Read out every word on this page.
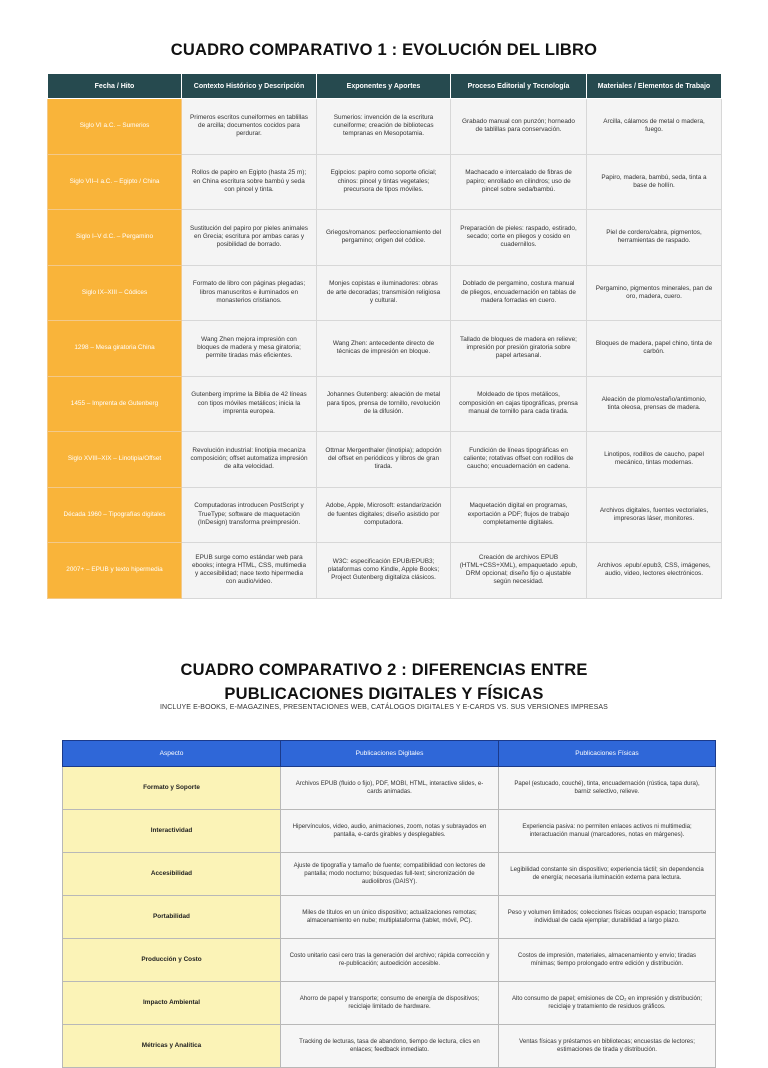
CUADRO COMPARATIVO 1 : EVOLUCIÓN DEL LIBRO
Fecha / Hito	Contexto Histórico y Descripción	Exponentes y Aportes	Proceso Editorial y Tecnología	Materiales / Elementos de Trabajo
Siglo VI a.C. – Sumerios	Primeros escritos cuneiformes en tablillas de arcilla; documentos cocidos para perdurar.	Sumerios: invención de la escritura cuneiforme; creación de bibliotecas tempranas en Mesopotamia.	Grabado manual con punzón; horneado de tablillas para conservación.	Arcilla, cálamos de metal o madera, fuego.
Siglo VII–I a.C. – Egipto / China	Rollos de papiro en Egipto (hasta 25 m); en China escritura sobre bambú y seda con pincel y tinta.	Egipcios: papiro como soporte oficial; chinos: pincel y tintas vegetales; precursora de tipos móviles.	Machacado e intercalado de fibras de papiro; enrollado en cilindros; uso de pincel sobre seda/bambú.	Papiro, madera, bambú, seda, tinta a base de hollín.
Siglo I–V d.C. – Pergamino	Sustitución del papiro por pieles animales en Grecia; escritura por ambas caras y posibilidad de borrado.	Griegos/romanos: perfeccionamiento del pergamino; origen del códice.	Preparación de pieles: raspado, estirado, secado; corte en pliegos y cosido en cuadernillos.	Piel de cordero/cabra, pigmentos, herramientas de raspado.
Siglo IX–XIII – Códices	Formato de libro con páginas plegadas; libros manuscritos e iluminados en monasterios cristianos.	Monjes copistas e iluminadores: obras de arte decoradas; transmisión religiosa y cultural.	Doblado de pergamino, costura manual de pliegos, encuadernación en tablas de madera forradas en cuero.	Pergamino, pigmentos minerales, pan de oro, madera, cuero.
1298 – Mesa giratoria China	Wang Zhen mejora impresión con bloques de madera y mesa giratoria; permite tiradas más eficientes.	Wang Zhen: antecedente directo de técnicas de impresión en bloque.	Tallado de bloques de madera en relieve; impresión por presión giratoria sobre papel artesanal.	Bloques de madera, papel chino, tinta de carbón.
1455 – Imprenta de Gutenberg	Gutenberg imprime la Biblia de 42 líneas con tipos móviles metálicos; inicia la imprenta europea.	Johannes Gutenberg: aleación de metal para tipos, prensa de tornillo, revolución de la difusión.	Moldeado de tipos metálicos, composición en cajas tipográficas, prensa manual de tornillo para cada tirada.	Aleación de plomo/estaño/antimonio, tinta oleosa, prensas de madera.
Siglo XVIII–XIX – Linotipia/Offset	Revolución industrial: linotipia mecaniza composición; offset automatiza impresión de alta velocidad.	Ottmar Mergenthaler (linotipia); adopción del offset en periódicos y libros de gran tirada.	Fundición de líneas tipográficas en caliente; rotativas offset con rodillos de caucho; encuadernación en cadena.	Linotipos, rodillos de caucho, papel mecánico, tintas modernas.
Década 1960 – Tipografías digitales	Computadoras introducen PostScript y TrueType; software de maquetación (InDesign) transforma preimpresión.	Adobe, Apple, Microsoft: estandarización de fuentes digitales; diseño asistido por computadora.	Maquetación digital en programas, exportación a PDF; flujos de trabajo completamente digitales.	Archivos digitales, fuentes vectoriales, impresoras láser, monitores.
2007+ – EPUB y texto hipermedia	EPUB surge como estándar web para ebooks; integra HTML, CSS, multimedia y accesibilidad; nace texto hipermedia con audio/video.	W3C: especificación EPUB/EPUB3; plataformas como Kindle, Apple Books; Project Gutenberg digitaliza clásicos.	Creación de archivos EPUB (HTML+CSS+XML), empaquetado .epub, DRM opcional; diseño fijo o ajustable según necesidad.	Archivos .epub/.epub3, CSS, imágenes, audio, video, lectores electrónicos.
CUADRO COMPARATIVO 2 : DIFERENCIAS ENTRE
PUBLICACIONES DIGITALES Y FÍSICAS
INCLUYE E-BOOKS, E-MAGAZINES, PRESENTACIONES WEB, CATÁLOGOS DIGITALES Y E-CARDS VS. SUS VERSIONES IMPRESAS
Aspecto	Publicaciones Digitales	Publicaciones Físicas
Formato y Soporte	Archivos EPUB (fluido o fijo), PDF, MOBI, HTML, interactive slides, e-cards animadas.	Papel (estucado, couché), tinta, encuadernación (rústica, tapa dura), barniz selectivo, relieve.
Interactividad	Hipervínculos, video, audio, animaciones, zoom, notas y subrayados en pantalla, e-cards girables y desplegables.	Experiencia pasiva: no permiten enlaces activos ni multimedia; interactuación manual (marcadores, notas en márgenes).
Accesibilidad	Ajuste de tipografía y tamaño de fuente; compatibilidad con lectores de pantalla; modo nocturno; búsquedas full-text; sincronización de audiolibros (DAISY).	Legibilidad constante sin dispositivo; experiencia táctil; sin dependencia de energía; necesaria iluminación externa para lectura.
Portabilidad	Miles de títulos en un único dispositivo; actualizaciones remotas; almacenamiento en nube; multiplataforma (tablet, móvil, PC).	Peso y volumen limitados; colecciones físicas ocupan espacio; transporte individual de cada ejemplar; durabilidad a largo plazo.
Producción y Costo	Costo unitario casi cero tras la generación del archivo; rápida corrección y re-publicación; autoedición accesible.	Costos de impresión, materiales, almacenamiento y envío; tiradas mínimas; tiempo prolongado entre edición y distribución.
Impacto Ambiental	Ahorro de papel y transporte; consumo de energía de dispositivos; reciclaje limitado de hardware.	Alto consumo de papel; emisiones de CO₂ en impresión y distribución; reciclaje y tratamiento de residuos gráficos.
Métricas y Analítica	Tracking de lecturas, tasa de abandono, tiempo de lectura, clics en enlaces; feedback inmediato.	Ventas físicas y préstamos en bibliotecas; encuestas de lectores; estimaciones de tirada y distribución.
